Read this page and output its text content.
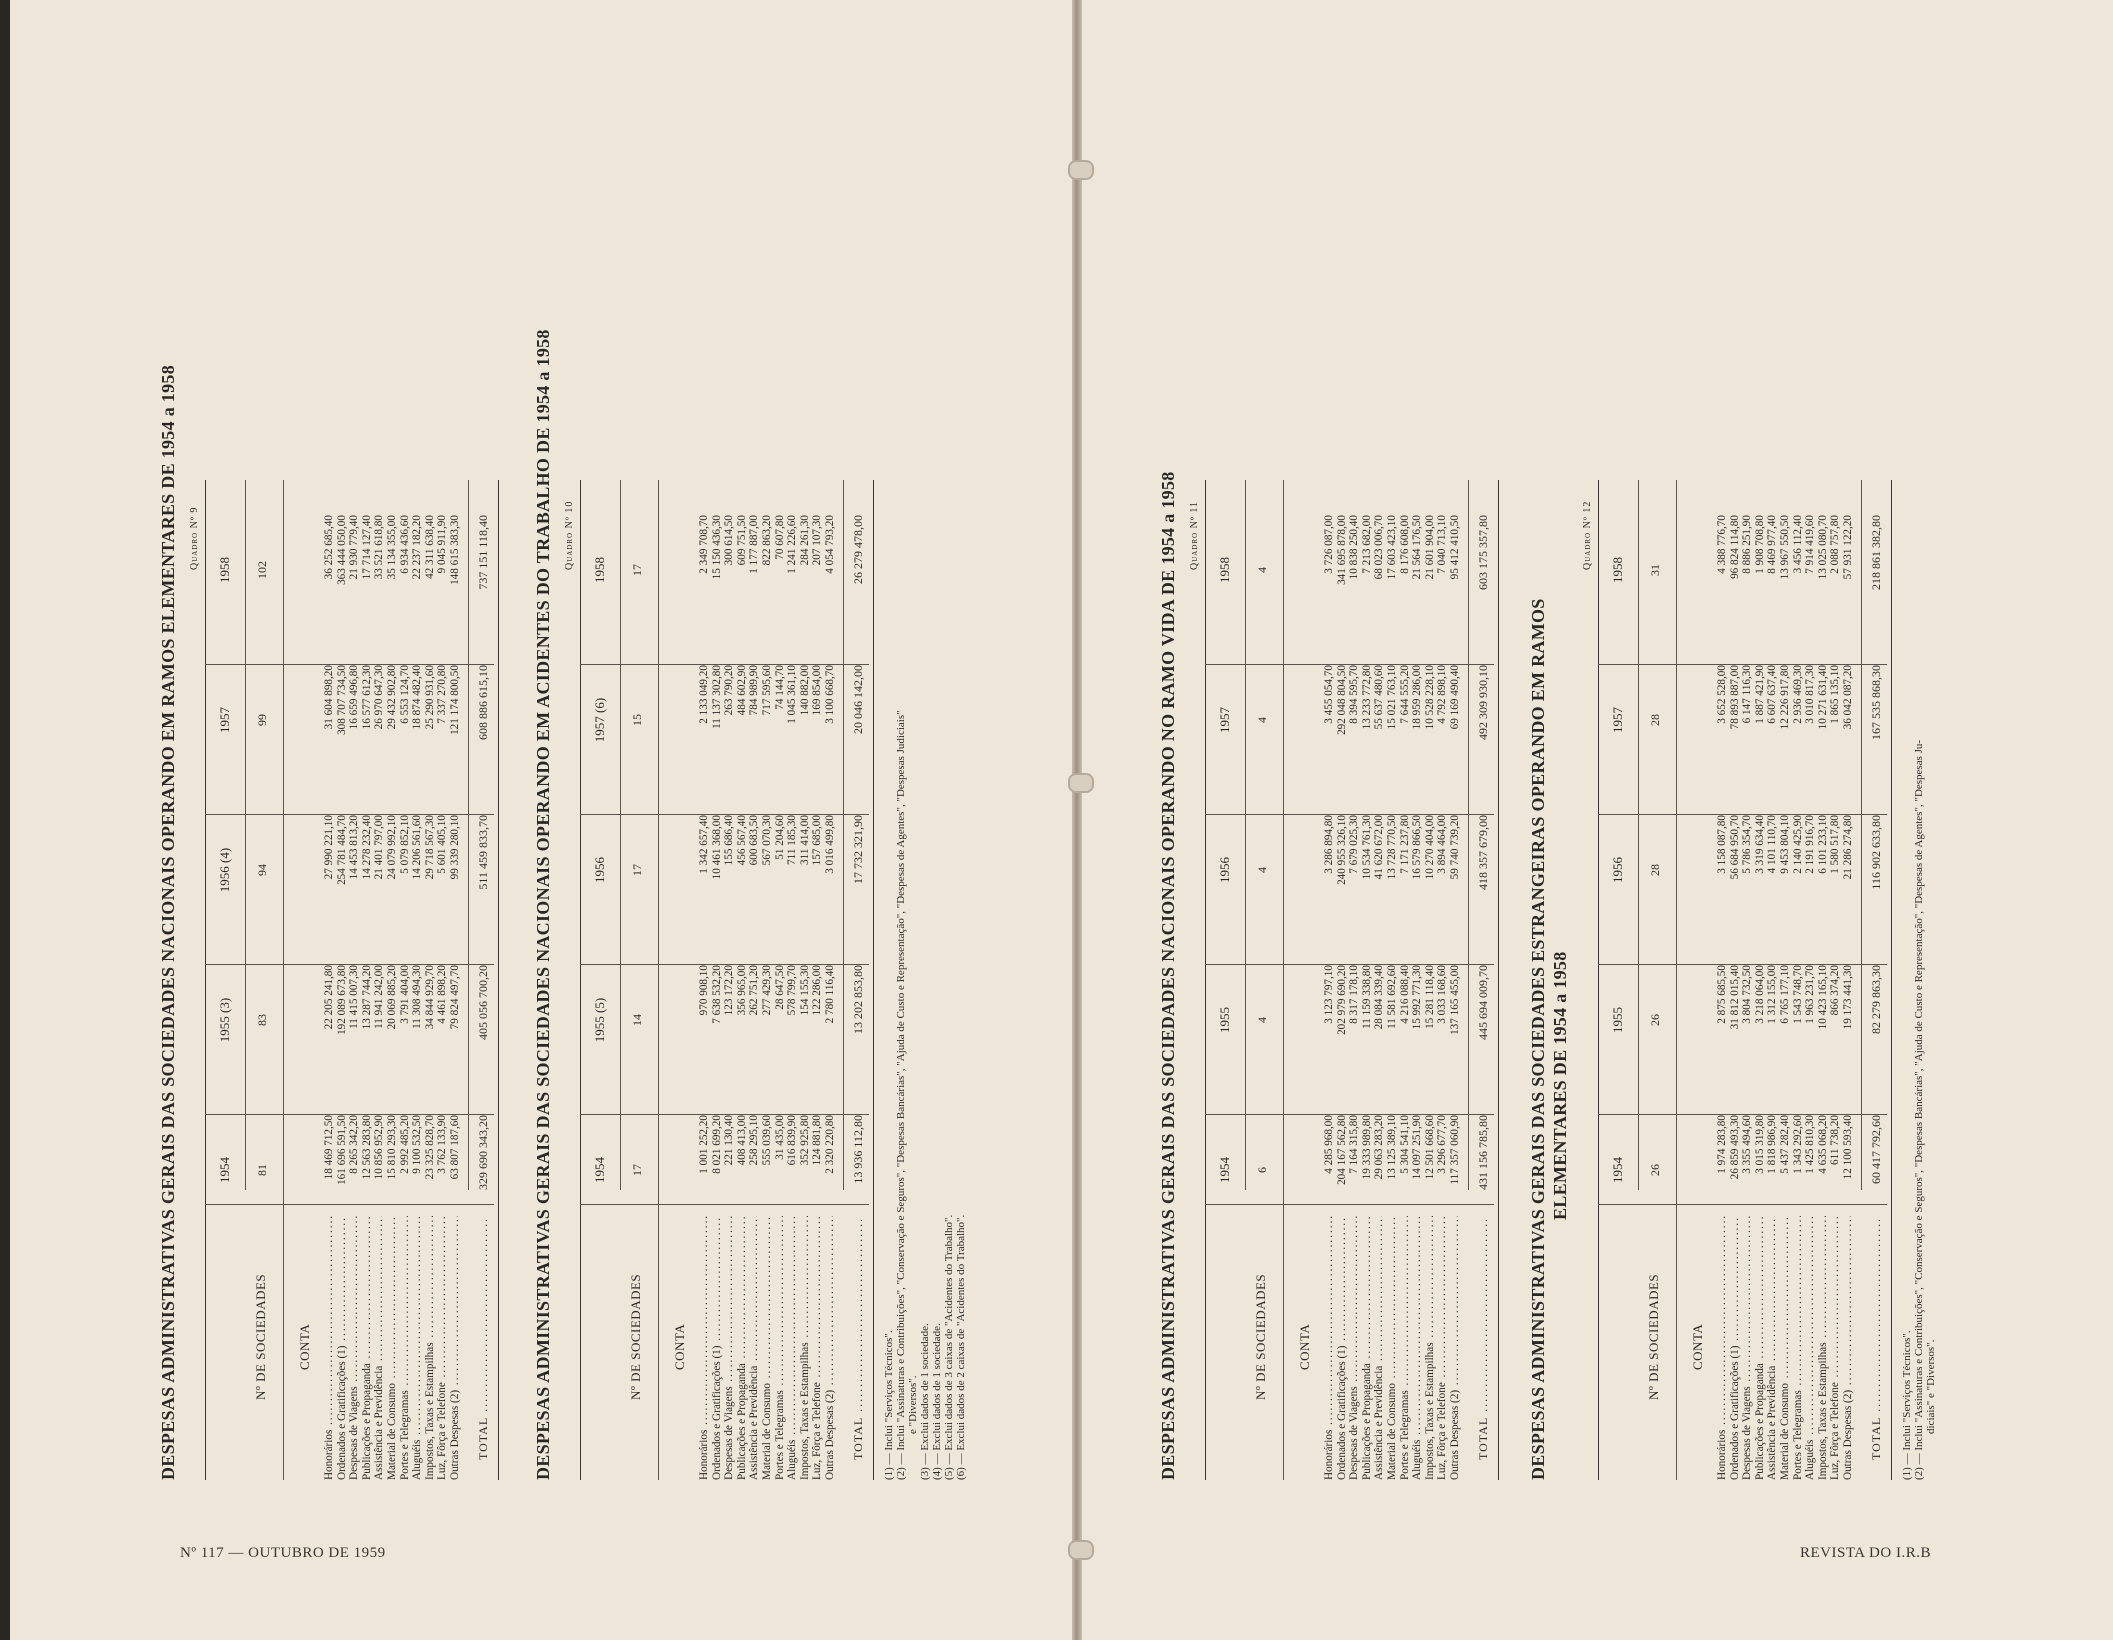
Nº 117 — OUTUBRO DE 1959	REVISTA DO I.R.B
DESPESAS ADMINISTRATIVAS GERAIS DAS SOCIEDADES NACIONAIS OPERANDO EM RAMOS ELEMENTARES DE 1954 a 1958 Quadro Nº 9
Nº DE SOCIEDADES CONTA
1954 81
1955 (3) 83
1956 (4) 94
1957 99
1958 102
Honorários .....
18 469 712,50
22 205 241,80
27 990 221,10
31 604 898,20
36 252 685,40
Ordenados e Gratificações (1) .....
161 696 591,50
192 089 673,80
254 781 484,70
308 707 734,50
363 444 050,00
Despesas de Viagens .....
8 265 342,20
11 415 007,30
14 453 813,20
16 659 496,80
21 930 779,40
Publicações e Propaganda .....
12 563 283,80
13 287 744,20
14 278 232,40
16 577 612,30
17 714 127,40
Assistência e Previdência .....
10 856 952,90
11 941 242,00
21 401 797,00
26 970 647,30
33 521 618,80
Material de Consumo .....
15 810 293,30
20 069 885,20
24 079 992,10
29 432 902,80
35 134 355,00
Portes e Telegramas .....
2 992 485,20
3 791 404,00
5 079 852,10
6 553 124,70
6 934 436,60
Aluguéis .....
9 100 532,50
11 308 494,30
14 206 561,60
18 874 482,40
22 237 182,20
Impostos, Taxas e Estampilhas .....
23 325 828,70
34 844 929,70
29 718 567,30
25 290 931,60
42 311 638,40
Luz, Fôrça e Telefone .....
3 762 133,90
4 461 898,20
5 601 405,10
7 337 270,80
9 045 911,90
Outras Despesas (2) .....
63 807 187,60
79 824 497,70
99 339 280,10
121 174 800,50
148 615 383,30
TOTAL .....
329 690 343,20
405 056 700,20
511 459 833,70
608 886 615,10
737 151 118,40 DESPESAS ADMINISTRATIVAS GERAIS DAS SOCIEDADES NACIONAIS OPERANDO EM ACIDENTES DO TRABALHO DE 1954 a 1958 Quadro Nº 10
Nº DE SOCIEDADES CONTA
1954 17
1955 (5) 14
1956 17
1957 (6) 15
1958 17
Honorários .....
1 001 252,20
970 908,10
1 342 657,40
2 133 049,20
2 349 708,70
Ordenados e Gratificações (1) .....
8 021 699,20
7 638 532,20
10 461 368,00
11 137 302,80
15 150 436,30
Despesas de Viagens .....
221 130,40
123 172,20
155 686,40
263 790,20
300 614,50
Publicações e Propaganda .....
408 413,00
356 965,00
456 567,40
484 602,90
609 751,50
Assistência e Previdência .....
258 295,10
262 751,20
600 683,50
784 989,90
1 177 887,00
Material de Consumo .....
555 039,60
277 429,30
567 070,30
717 595,60
822 863,20
Portes e Telegramas .....
31 435,00
28 647,50
51 204,60
74 144,70
70 607,80
Aluguéis .....
616 839,90
578 799,70
711 185,30
1 045 361,10
1 241 226,60
Impostos, Taxas e Estampilhas .....
352 925,80
154 155,30
311 414,00
140 882,00
284 261,30
Luz, Fôrça e Telefone .....
124 881,80
122 286,00
157 685,00
169 854,00
207 107,30
Outras Despesas (2) .....
2 320 220,80
2 780 116,40
3 016 499,80
3 100 668,70
4 054 793,20
TOTAL .....
13 936 112,80
13 202 853,80
17 732 321,90
20 046 142,00
26 279 478,00
(1) — Inclui "Serviços Técnicos". (2) — Inclui "Assinaturas e Contribuições", "Conservação e Seguros", "Despesas Bancárias", "Ajuda de Custo e Representação", "Despesas de Agentes", "Despesas Judiciais" e "Diversos". (3) — Exclui dados de 1 sociedade. (4) — Exclui dados de 1 sociedade. (5) — Exclui dados de 3 caixas de "Acidentes do Trabalho". (6) — Exclui dados de 2 caixas de "Acidentes do Trabalho".	DESPESAS ADMINISTRATIVAS GERAIS DAS SOCIEDADES NACIONAIS OPERANDO NO RAMO VIDA DE 1954 a 1958 Quadro Nº 11
Nº DE SOCIEDADES CONTA
1954 6
1955 4
1956 4
1957 4
1958 4
Honorários .....
4 285 968,00
3 123 797,10
3 286 894,80
3 455 054,70
3 726 087,00
Ordenados e Gratificações (1) .....
204 167 562,80
202 979 690,20
240 955 326,10
292 048 804,50
341 695 878,00
Despesas de Viagens .....
7 164 315,80
8 317 178,10
7 679 025,30
8 394 595,70
10 838 250,40
Publicações e Propaganda .....
19 333 989,80
11 159 338,80
10 534 761,30
13 233 772,80
7 213 682,00
Assistência e Previdência .....
29 063 283,20
28 084 339,40
41 620 672,00
55 637 480,60
68 023 006,70
Material de Consumo .....
13 125 389,10
11 581 692,60
13 728 770,50
15 021 763,10
17 603 423,10
Portes e Telegramas .....
5 304 541,10
4 216 088,40
7 171 237,80
7 644 555,20
8 176 608,00
Aluguéis .....
14 097 251,90
15 992 771,30
16 579 866,50
18 959 286,00
21 564 176,50
Impostos, Taxas e Estampilhas .....
12 501 668,60
15 281 118,40
10 270 404,00
10 528 228,10
21 601 904,00
Luz, Fôrça e Telefone .....
3 296 677,70
3 033 168,60
3 894 464,00
4 792 898,10
7 040 713,10
Outras Despesas (2) .....
117 357 060,90
137 165 455,00
59 740 739,20
69 169 490,40
95 412 410,50
TOTAL .....
431 156 785,80
445 694 009,70
418 357 679,00
492 309 930,10
603 175 357,80
DESPESAS ADMINISTRATIVAS GERAIS DAS SOCIEDADES ESTRANGEIRAS OPERANDO EM RAMOS ELEMENTARES DE 1954 a 1958
Quadro Nº 12
Nº DE SOCIEDADES CONTA
1954 26
1955 26
1956 28
1957 28
1958 31
Honorários .....
1 974 283,80
2 875 685,50
3 158 087,80
3 652 528,00
4 388 776,70
Ordenados e Gratificações (1) .....
26 859 493,30
31 812 015,40
56 684 950,70
78 893 887,00
96 824 114,80
Despesas de Viagens .....
3 355 494,60
3 804 732,50
5 786 354,70
6 147 116,30
8 886 251,90
Publicações e Propaganda .....
3 015 319,80
3 218 064,00
3 319 634,40
1 887 421,90
1 908 708,80
Assistência e Previdência .....
1 818 986,90
1 312 155,00
4 101 110,70
6 607 637,40
8 469 977,40
Material de Consumo .....
5 437 282,40
6 765 177,10
9 453 804,10
12 226 917,80
13 967 550,50
Portes e Telegramas .....
1 343 292,60
1 543 748,70
2 140 425,90
2 936 469,30
3 456 112,40
Aluguéis .....
1 425 810,30
1 963 231,70
2 191 916,70
3 010 817,30
7 914 419,60
Impostos, Taxas e Estampilhas .....
4 635 068,20
10 423 165,10
6 101 233,10
10 271 631,40
13 025 080,70
Luz, Fôrça e Telefone .....
611 738,20
866 374,20
1 580 517,80
1 865 135,10
2 088 757,80
Outras Despesas (2) .....
12 100 593,40
19 173 441,30
21 286 274,80
36 042 087,20
57 931 122,20
TOTAL .....
60 417 792,60
82 279 863,30
116 902 633,80
167 535 868,30
218 861 382,80
(1) — Inclui "Serviços Técnicos". (2) — Inclui "Assinaturas e Contribuições", "Conservação e Seguros", "Despesas Bancárias", "Ajuda de Custo e Representação", "Despesas de Agentes", "Despesas Ju- diciais" e "Diversos".
